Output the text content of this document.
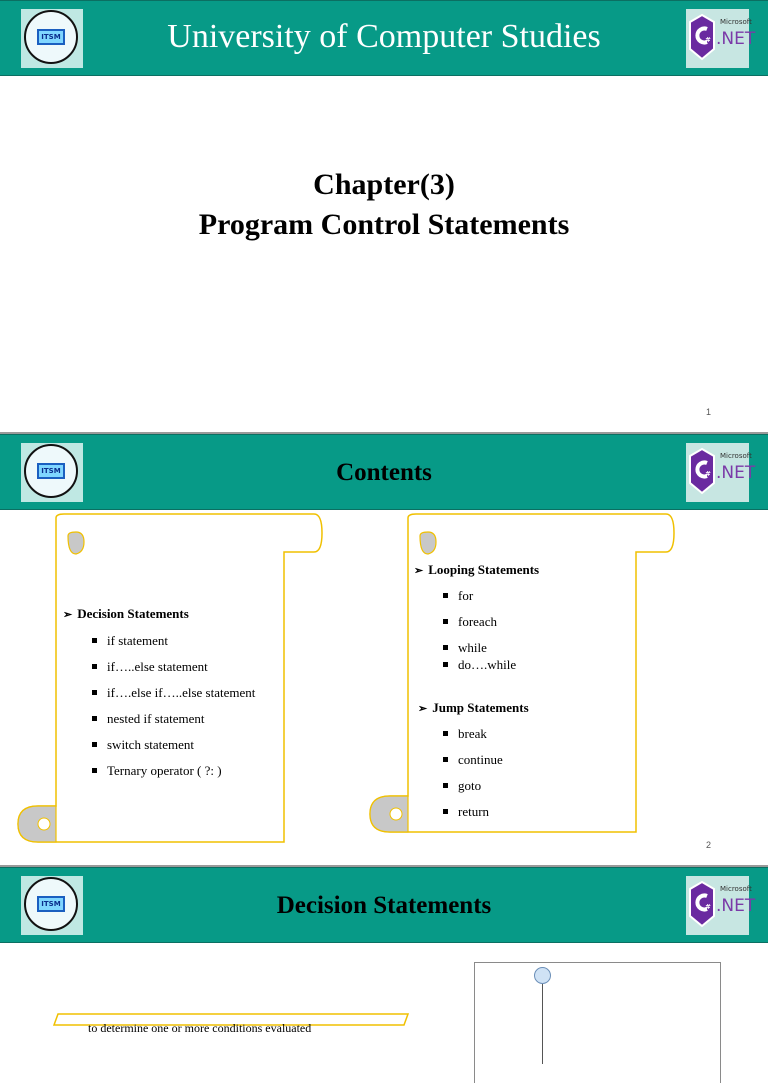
ITSM	University of Computer Studies	#
Microsoft
.NET
Chapter(3)
Program Control Statements
1
ITSM	Contents	#
Microsoft
.NET
➢ Decision Statements
if statement
if…..else statement
if….else if…..else statement
nested if statement
switch statement
Ternary operator ( ?: )
➢ Looping Statements
for
foreach
while
do….while
➢ Jump Statements
break
continue
goto
return
2
ITSM	Decision Statements	#
Microsoft
.NET
to determine one or more conditions evaluated
